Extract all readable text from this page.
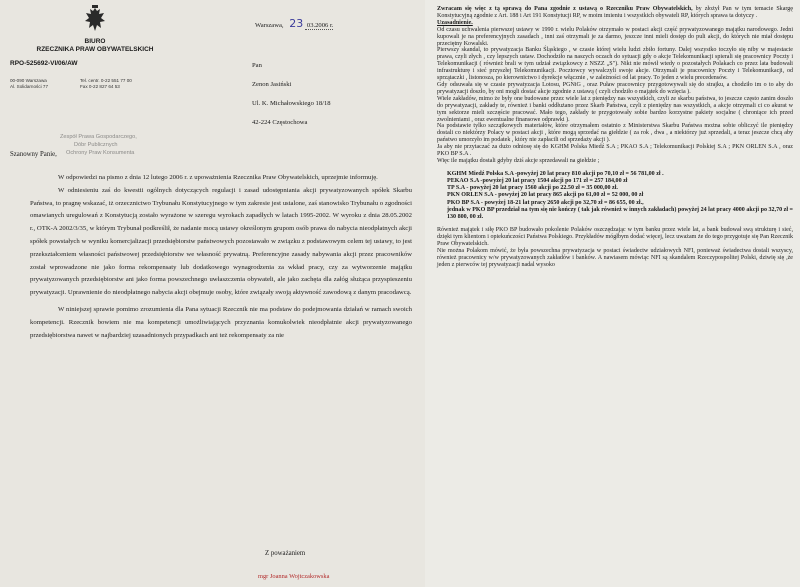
BIURO
RZECZNIKA PRAW OBYWATELSKICH
RPO-525692-VI/06/AW
00-090 Warszawa
Al. Solidarności 77
Tel. centr. 0-22 551 77 00
Fax 0-22 827 64 53
Warszawa, 23 03.2006 r.
Pan
Zenon Jasiński
Ul. K. Michałowskiego 18/18
42-224 Częstochowa
Zespół Prawa Gospodarczego,
Dóbr Publicznych
Ochrony Praw Konsumenta
Szanowny Panie,

W odpowiedzi na pismo z dnia 12 lutego 2006 r. z upoważnienia Rzecznika Praw Obywatelskich, uprzejmie informuję.

W odniesieniu zaś do kwestii ogólnych dotyczących regulacji i zasad udostępniania akcji prywatyzowanych spółek Skarbu Państwa, to pragnę wskazać, iż orzecznictwo Trybunału Konstytucyjnego w tym zakresie jest ustalone, zaś stanowisko Trybunału o zgodności omawianych uregulowań z Konstytucją zostało wyrażone w szeregu wyrokach zapadłych w latach 1995-2002. W wyroku z dnia 28.05.2002 r., OTK-A 2002/3/35, w którym Trybunał podkreślił, że nadanie mocą ustawy określonym grupom osób prawa do nabycia nieodpłatnych akcji spółek powstałych w wyniku komercjalizacji przedsiębiorstw państwowych pozostawało w związku z podstawowym celem tej ustawy, to jest przekształceniem własności państwowej przedsiębiorstw we własność prywatną. Preferencyjne zasady nabywania akcji przez pracowników został wprowadzone nie jako forma rekompensaty lub dodatkowego wynagrodzenia za wkład pracy, czy za wytworzenie majątku prywatyzowanych przedsiębiorstw ani jako forma powszechnego uwłaszczenia obywateli, ale jako zachęta dla załóg służąca przyspieszeniu prywatyzacji. Uprawnienie do nieodpłatnego nabycia akcji obejmuje osoby, które związały swoją aktywność zawodową z danym pracodawcą.

W niniejszej sprawie pomimo zrozumienia dla Pana sytuacji Rzecznik nie ma podstaw do podejmowania działań w ramach swoich kompetencji. Rzecznik bowiem nie ma kompetencji umożliwiających przyznania komukolwiek nieodpłatnie akcji prywatyzowanego przedsiębiorstwa nawet w najbardziej uzasadnionych przypadkach ani też rekompensaty za nie

Z poważaniem
mgr Joanna Wojtczakowska

Zwracam się więc z tą sprawą do Pana zgodnie z ustawą o Rzeczniku Praw Obywatelskich, by złożył Pan w tym temacie Skargę Konstytucyjną zgodnie z Art. 188 i Art 191 Konstytucji RP, w moim imieniu i wszystkich obywateli RP, których sprawa ta dotyczy .

Uzasadnienie.

Od czasu uchwalenia pierwszej ustawy w 1990 r. wielu Polaków otrzymało w postaci akcji część prywatyzowanego majątku narodowego. Jedni kupowali je na preferencyjnych zasadach , inni zaś otrzymali je za darmo, jeszcze inni mieli dostęp do puli akcji, do których nie miał dostępu przeciętny Kowalski.

Pierwszy skandal, to prywatyzacja Banku Śląskiego , w czasie której wielu ludzi zbiło fortuny. Dalej wszystko toczyło się niby w majestacie prawa, czyli złych , czy lepszych ustaw. Dochodziło na naszych oczach do sytuacji gdy o akcje Telekomunikacji spierali się pracownicy Poczty i Telekomunikacji ( również brali w tym udział związkowcy z NSZZ „S"). Nikt nie mówił wtedy o pozostałych Polakach co przez lata budowali infrastrukturę i sieć przyszłej Telekomunikacji. Pocztowcy wywalczyli swoje akcje. Otrzymali je pracownicy Poczty i Telekomunikacji, od sprzątaczki , listonosza, po kierownictwo i dyrekcje włącznie , w zależności od lat pracy. To jeden z wielu precedensów.

Gdy odsuwała się w czasie prywatyzacja Lotosu, PGNiG , oraz Puław pracownicy przygotowywali się do strajku, a chodziło im o to aby do prywatyzacji doszło, by oni mogli dostać akcje zgodnie z ustawą ( czyli chodziło o majątek do wzięcia ).

Wiele zakładów, mimo że były one budowane przez wiele lat z pieniędzy nas wszystkich, czyli ze skarbu państwa, to jeszcze często zanim doszło do prywatyzacji, zakłady te, również i banki oddłużano przez Skarb Państwa, czyli z pieniędzy nas wszystkich, a akcje otrzymali ci co akurat w tym sektorze mieli szczęście pracować. Mało tego, zakłady te przygotowały sobie bardzo korzystne pakiety socjalne ( chroniące ich przed zwolnieniami , oraz ewentualne finansowe odprawki ).

Na podstawie tylko szczątkowych materiałów, które otrzymałem ostatnio z Ministerstwa Skarbu Państwa można sobie obliczyć ile pieniędzy dostali co niektórzy Polacy w postaci akcji , które mogą sprzedać na giełdzie ( za rok , dwa , a niektórzy już sprzedali, a teraz jeszcze chcą aby państwo umorzyło im podatek , który nie zapłacili od sprzedaży akcji ).

Ja aby nie przytaczać za dużo odniosę się do KGHM Polska Miedź S.A ; PKAO S.A ; Telekomunikacji Polskiej S.A ; PKN ORLEN S.A , oraz PKO BP S.A .

Więc ile majątku dostali gdyby dziś akcje sprzedawali na giełdzie ;

KGHM Miedź Polska S.A -powyżej 20 lat pracy 810 akcji po 70,10 zł = 56 781,00 zł .
PEKAO S.A -powyżej 20 lat pracy 1504 akcji po 171 zł = 257 184,00 zł
TP S.A - powyżej 20 lat pracy 1560 akcji po 22.50 zł = 35 000,00 zł.
PKN ORLEN S.A - powyżej 20 lat pracy 865 akcji po 61,00 zł = 52 000, 00 zł
PKO BP S.A - powyżej 18-21 lat pracy 2650 akcji po 32,70 zł = 86 655, 00 zł.,
jednak w PKO BP przedział na tym się nie kończy ( tak jak również w innych zakładach) powyżej 24 lat pracy 4000 akcji po 32,70 zł = 130 800, 00 zł.

Również majątek i siłę PKO BP budowało pokolenie Polaków oszczędzając w tym banku przez wiele lat, a bank budował swą strukturę i sieć, dzięki tym klientom i opiekuńczości Państwa Polskiego. Przykładów mógłbym dodać więcej, lecz uważam że do tego przygotuje się Pan Rzecznik Praw Obywatelskich.

Nie można Polakom mówić, że była powszechna prywatyzacja w postaci świadectw udziałowych NFI, ponieważ świadectwa dostali wszyscy, również pracownicy w/w prywatyzowanych zakładów i banków. A nawiasem mówiąc NFI są skandalem Rzeczypospolitej Polski, dziwię się ,że jeden z pierwców tej prywatyzacji nadal wysoko
